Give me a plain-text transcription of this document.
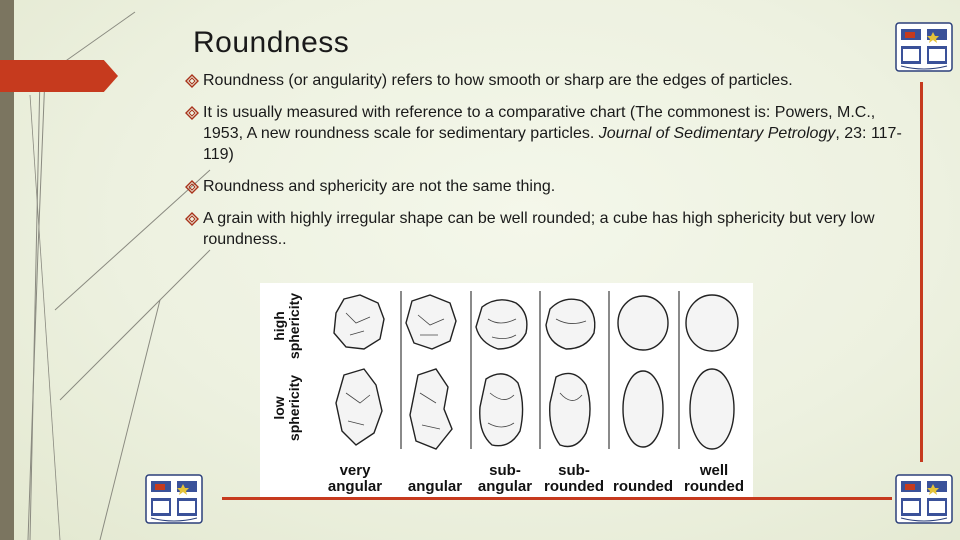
Roundness
Roundness (or angularity) refers to how smooth or sharp are the edges of particles.
It is usually measured with reference to a comparative chart (The commonest is: Powers, M.C., 1953, A new roundness scale for sedimentary particles. Journal of Sedimentary Petrology, 23: 117-119)
Roundness and sphericity are not the same thing.
A grain with highly irregular shape can be well rounded; a cube has high sphericity but very low roundness..
high
sphericity
low
sphericity
very
angular	angular
sub-
angular
sub-
rounded rounded
well
rounded
